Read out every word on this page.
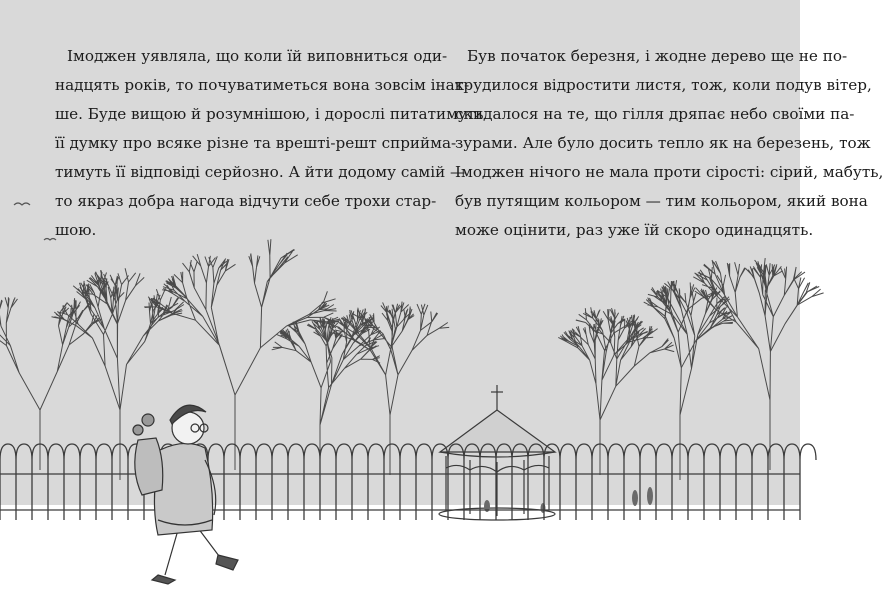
Імоджен уявляла, що коли їй виповниться оди-
надцять років, то почуватиметься вона зовсім інак-
ше. Буде вищою й розумнішою, і дорослі питатимуть
її думку про всяке різне та врешті-решт сприйма-
тимуть її відповіді серйозно. А йти додому самій —
то якраз добра нагода відчути себе трохи стар-
шою.

Був початок березня, і жодне дерево ще не по-
трудилося відростити листя, тож, коли подув вітер,
скидалося на те, що гілля дряпає небо своїми па-
зурами. Але було досить тепло як на березень, тож
Імоджен нічого не мала проти сірості: сірий, мабуть,
був путящим кольором — тим кольором, який вона
може оцінити, раз уже їй скоро одинадцять.
